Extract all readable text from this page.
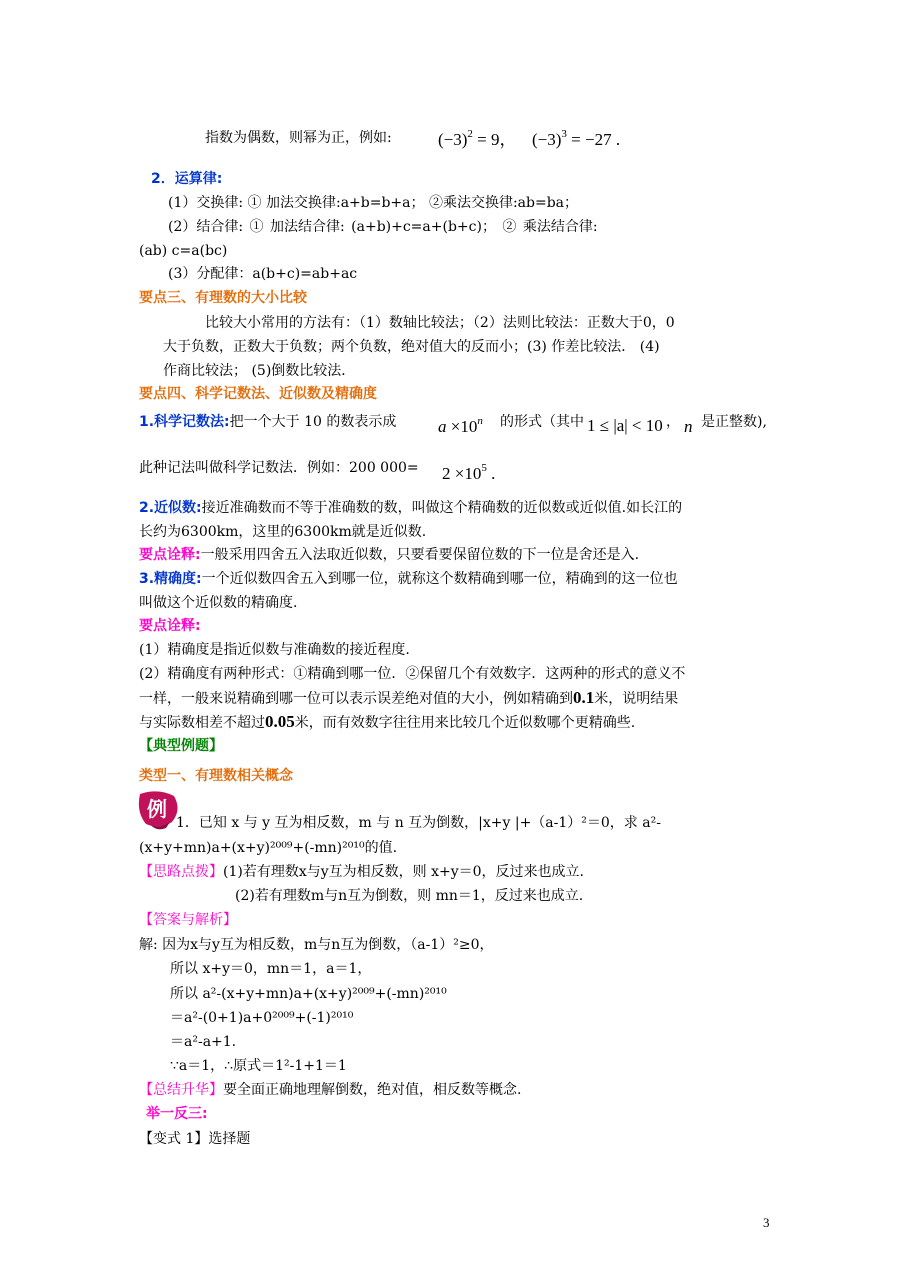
指数为偶数，则幂为正，例如:	$(-3)^2 = 9$， $(-3)^3 = -27$ .
2．运算律:
(1）交换律: ① 加法交换律:a+b=b+a； ②乘法交换律:ab=ba；
(2）结合律: ① 加法结合律: (a+b)+c=a+(b+c)； ② 乘法结合律:
(ab) c=a(bc)
(3）分配律：a(b+c)=ab+ac
要点三、有理数的大小比较
比较大小常用的方法有：（1）数轴比较法；（2）法则比较法：正数大于0，0
大于负数，正数大于负数；两个负数，绝对值大的反而小；(3) 作差比较法． (4)
作商比较法； (5)倒数比较法．
要点四、科学记数法、近似数及精确度
1.科学记数法:把一个大于 10 的数表示成 $a \times 10^n$ 的形式（其中 1 ≤ |a| < 10 ， n 是正整数),
此种记法叫做科学记数法．例如：200 $000= 2 \times 10^5$ .
2.近似数:接近准确数而不等于准确数的数，叫做这个精确数的近似数或近似值.如长江的
长约为6300km，这里的6300km就是近似数.
要点诠释:一般采用四舍五入法取近似数，只要看要保留位数的下一位是舍还是入.
3.精确度:一个近似数四舍五入到哪一位，就称这个数精确到哪一位，精确到的这一位也
叫做这个近似数的精确度.
要点诠释:
(1）精确度是指近似数与准确数的接近程度.
(2）精确度有两种形式：①精确到哪一位．②保留几个有效数字．这两种的形式的意义不
一样，一般来说精确到哪一位可以表示误差绝对值的大小，例如精确到0.1米，说明结果
与实际数相差不超过0.05米，而有效数字往往用来比较几个近似数哪个更精确些.
【典型例题】
类型一、有理数相关概念
例
1．已知 x 与 y 互为相反数，m 与 n 互为倒数，|x+y |+（a-1）²＝0，求 a²-
(x+y+mn)a+(x+y)²⁰⁰⁹+(-mn)²⁰¹⁰的值.
【思路点拨】(1)若有理数x与y互为相反数，则 x+y＝0，反过来也成立.
(2)若有理数m与n互为倒数，则 mn＝1，反过来也成立.
【答案与解析】
解: 因为x与y互为相反数，m与n互为倒数，（a-1）²≥0，
所以 x+y＝0，mn＝1，a＝1，
所以 a²-(x+y+mn)a+(x+y)²⁰⁰⁹+(-mn)²⁰¹⁰
＝a²-(0+1)a+0²⁰⁰⁹+(-1)²⁰¹⁰
＝a²-a+1.
∵a＝1，∴原式＝1²-1+1＝1
【总结升华】要全面正确地理解倒数，绝对值，相反数等概念.
举一反三:
【变式 1】选择题
3
